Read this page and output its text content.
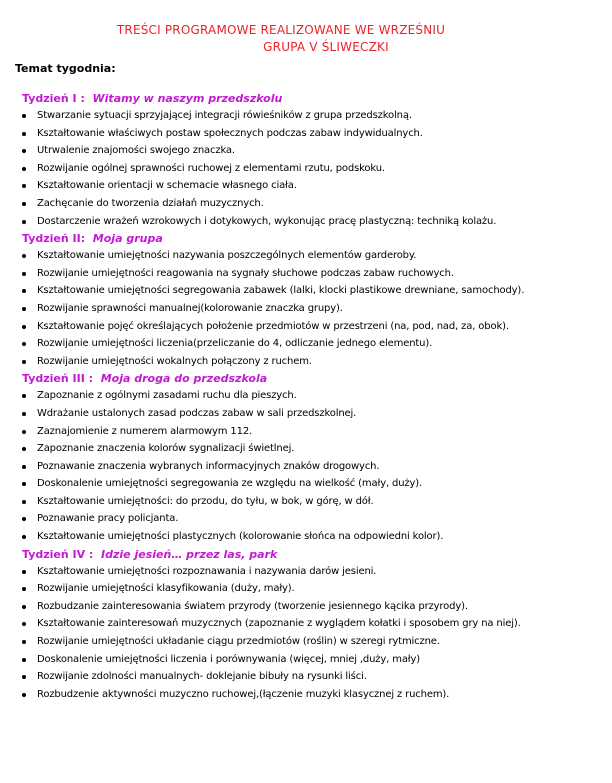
TREŚCI PROGRAMOWE REALIZOWANE WE WRZEŚNIU
GRUPA V ŚLIWECZKI
Temat tygodnia:
Tydzień I : Witamy w naszym przedszkolu
Stwarzanie sytuacji sprzyjającej integracji rówieśników z grupa przedszkolną.
Kształtowanie właściwych postaw społecznych podczas zabaw indywidualnych.
Utrwalenie znajomości swojego znaczka.
Rozwijanie ogólnej sprawności ruchowej z elementami rzutu, podskoku.
Kształtowanie orientacji w schemacie własnego ciała.
Zachęcanie do tworzenia działań muzycznych.
Dostarczenie wrażeń wzrokowych i dotykowych, wykonując pracę plastyczną: techniką kolażu.
Tydzień II: Moja grupa
Kształtowanie umiejętności nazywania poszczególnych elementów garderoby.
Rozwijanie umiejętności reagowania na sygnały słuchowe podczas zabaw ruchowych.
Kształtowanie umiejętności segregowania zabawek (lalki, klocki plastikowe drewniane, samochody).
Rozwijanie sprawności manualnej(kolorowanie znaczka grupy).
Kształtowanie pojęć określających położenie przedmiotów w przestrzeni (na, pod, nad, za, obok).
Rozwijanie umiejętności liczenia(przeliczanie do 4, odliczanie jednego elementu).
Rozwijanie umiejętności wokalnych połączony z ruchem.
Tydzień III : Moja droga do przedszkola
Zapoznanie z ogólnymi zasadami ruchu dla pieszych.
Wdrażanie ustalonych zasad podczas zabaw w sali przedszkolnej.
Zaznajomienie z numerem alarmowym 112.
Zapoznanie znaczenia kolorów sygnalizacji świetlnej.
Poznawanie znaczenia wybranych informacyjnych znaków drogowych.
Doskonalenie umiejętności segregowania ze względu na wielkość (mały, duży).
Kształtowanie umiejętności: do przodu, do tyłu, w bok, w górę, w dół.
Poznawanie pracy policjanta.
Kształtowanie umiejętności plastycznych (kolorowanie słońca na odpowiedni kolor).
Tydzień IV : Idzie jesień… przez las, park
Kształtowanie umiejętności rozpoznawania i nazywania darów jesieni.
Rozwijanie umiejętności klasyfikowania (duży, mały).
Rozbudzanie zainteresowania światem przyrody (tworzenie jesiennego kącika przyrody).
Kształtowanie zainteresowań muzycznych (zapoznanie z wyglądem kołatki i sposobem gry na niej).
Rozwijanie umiejętności układanie ciągu przedmiotów (roślin) w szeregi rytmiczne.
Doskonalenie umiejętności liczenia i porównywania (więcej, mniej ,duży, mały)
Rozwijanie zdolności manualnych- doklejanie bibuły na rysunki liści.
Rozbudzenie aktywności muzyczno ruchowej,(łączenie muzyki klasycznej z ruchem).
